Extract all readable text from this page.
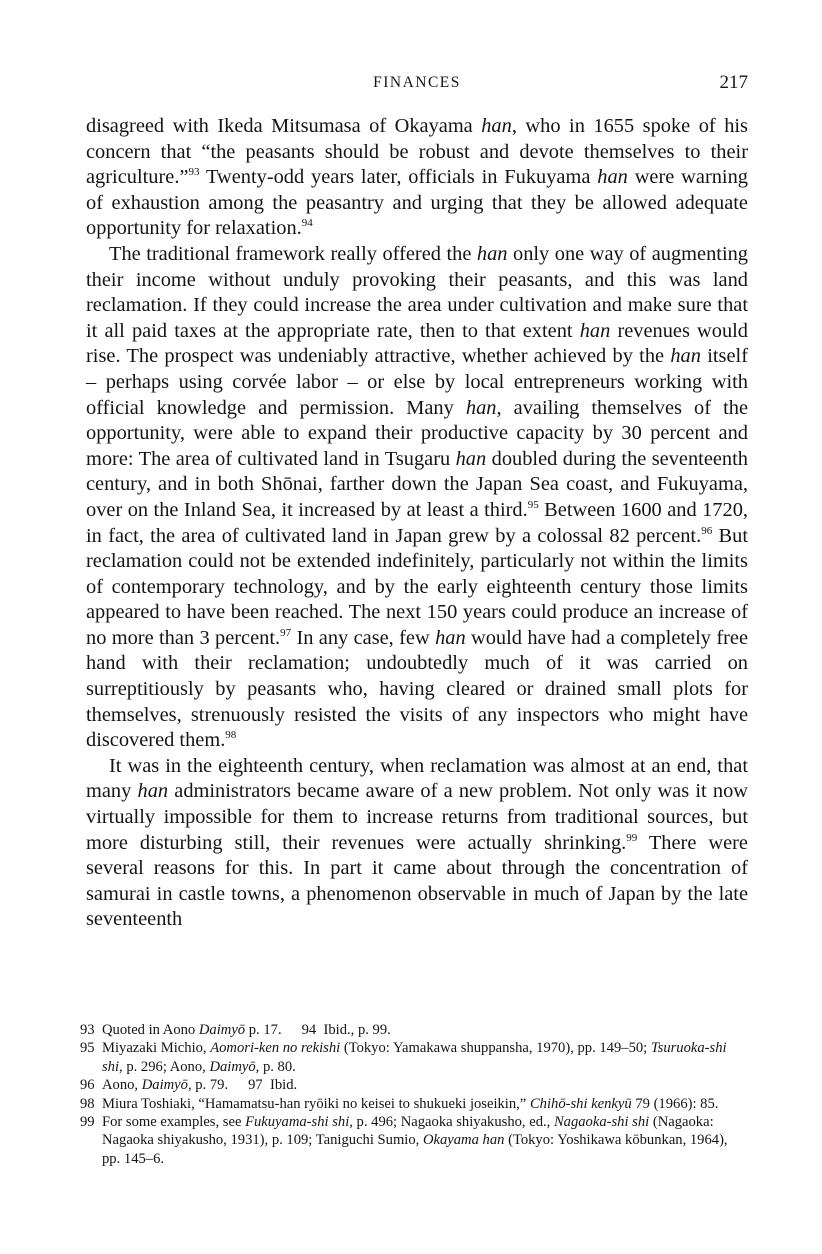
FINANCES	217

disagreed with Ikeda Mitsumasa of Okayama han, who in 1655 spoke of his concern that “the peasants should be robust and devote themselves to their agriculture.”$^{93}$ Twenty-odd years later, officials in Fukuyama han were warning of exhaustion among the peasantry and urging that they be allowed adequate opportunity for relaxation.$^{94}$

The traditional framework really offered the han only one way of augmenting their income without unduly provoking their peasants, and this was land reclamation. If they could increase the area under cultivation and make sure that it all paid taxes at the appropriate rate, then to that extent han revenues would rise. The prospect was undeniably attractive, whether achieved by the han itself – perhaps using corvée labor – or else by local entrepreneurs working with official knowledge and permission. Many han, availing themselves of the opportunity, were able to expand their productive capacity by 30 percent and more: The area of cultivated land in Tsugaru han doubled during the seventeenth century, and in both Shōnai, farther down the Japan Sea coast, and Fukuyama, over on the Inland Sea, it increased by at least a third.$^{95}$ Between 1600 and 1720, in fact, the area of cultivated land in Japan grew by a colossal 82 percent.$^{96}$ But reclamation could not be extended indefinitely, particularly not within the limits of contemporary technology, and by the early eighteenth century those limits appeared to have been reached. The next 150 years could produce an increase of no more than 3 percent.$^{97}$ In any case, few han would have had a completely free hand with their reclamation; undoubtedly much of it was carried on surreptitiously by peasants who, having cleared or drained small plots for themselves, strenuously resisted the visits of any inspectors who might have discovered them.$^{98}$

It was in the eighteenth century, when reclamation was almost at an end, that many han administrators became aware of a new problem. Not only was it now virtually impossible for them to increase returns from traditional sources, but more disturbing still, their revenues were actually shrinking.$^{99}$ There were several reasons for this. In part it came about through the concentration of samurai in castle towns, a phenomenon observable in much of Japan by the late seventeenth

93 Quoted in Aono Daimyō p. 17. 94 Ibid., p. 99.
95 Miyazaki Michio, Aomori-ken no rekishi (Tokyo: Yamakawa shuppansha, 1970), pp. 149–50; Tsuruoka-shi shi, p. 296; Aono, Daimyō, p. 80.
96 Aono, Daimyō, p. 79. 97 Ibid.
98 Miura Toshiaki, “Hamamatsu-han ryōiki no keisei to shukueki joseikin,” Chihō-shi kenkyū 79 (1966): 85.
99 For some examples, see Fukuyama-shi shi, p. 496; Nagaoka shiyakusho, ed., Nagaoka-shi shi (Nagaoka: Nagaoka shiyakusho, 1931), p. 109; Taniguchi Sumio, Okayama han (Tokyo: Yoshikawa kōbunkan, 1964), pp. 145–6.
